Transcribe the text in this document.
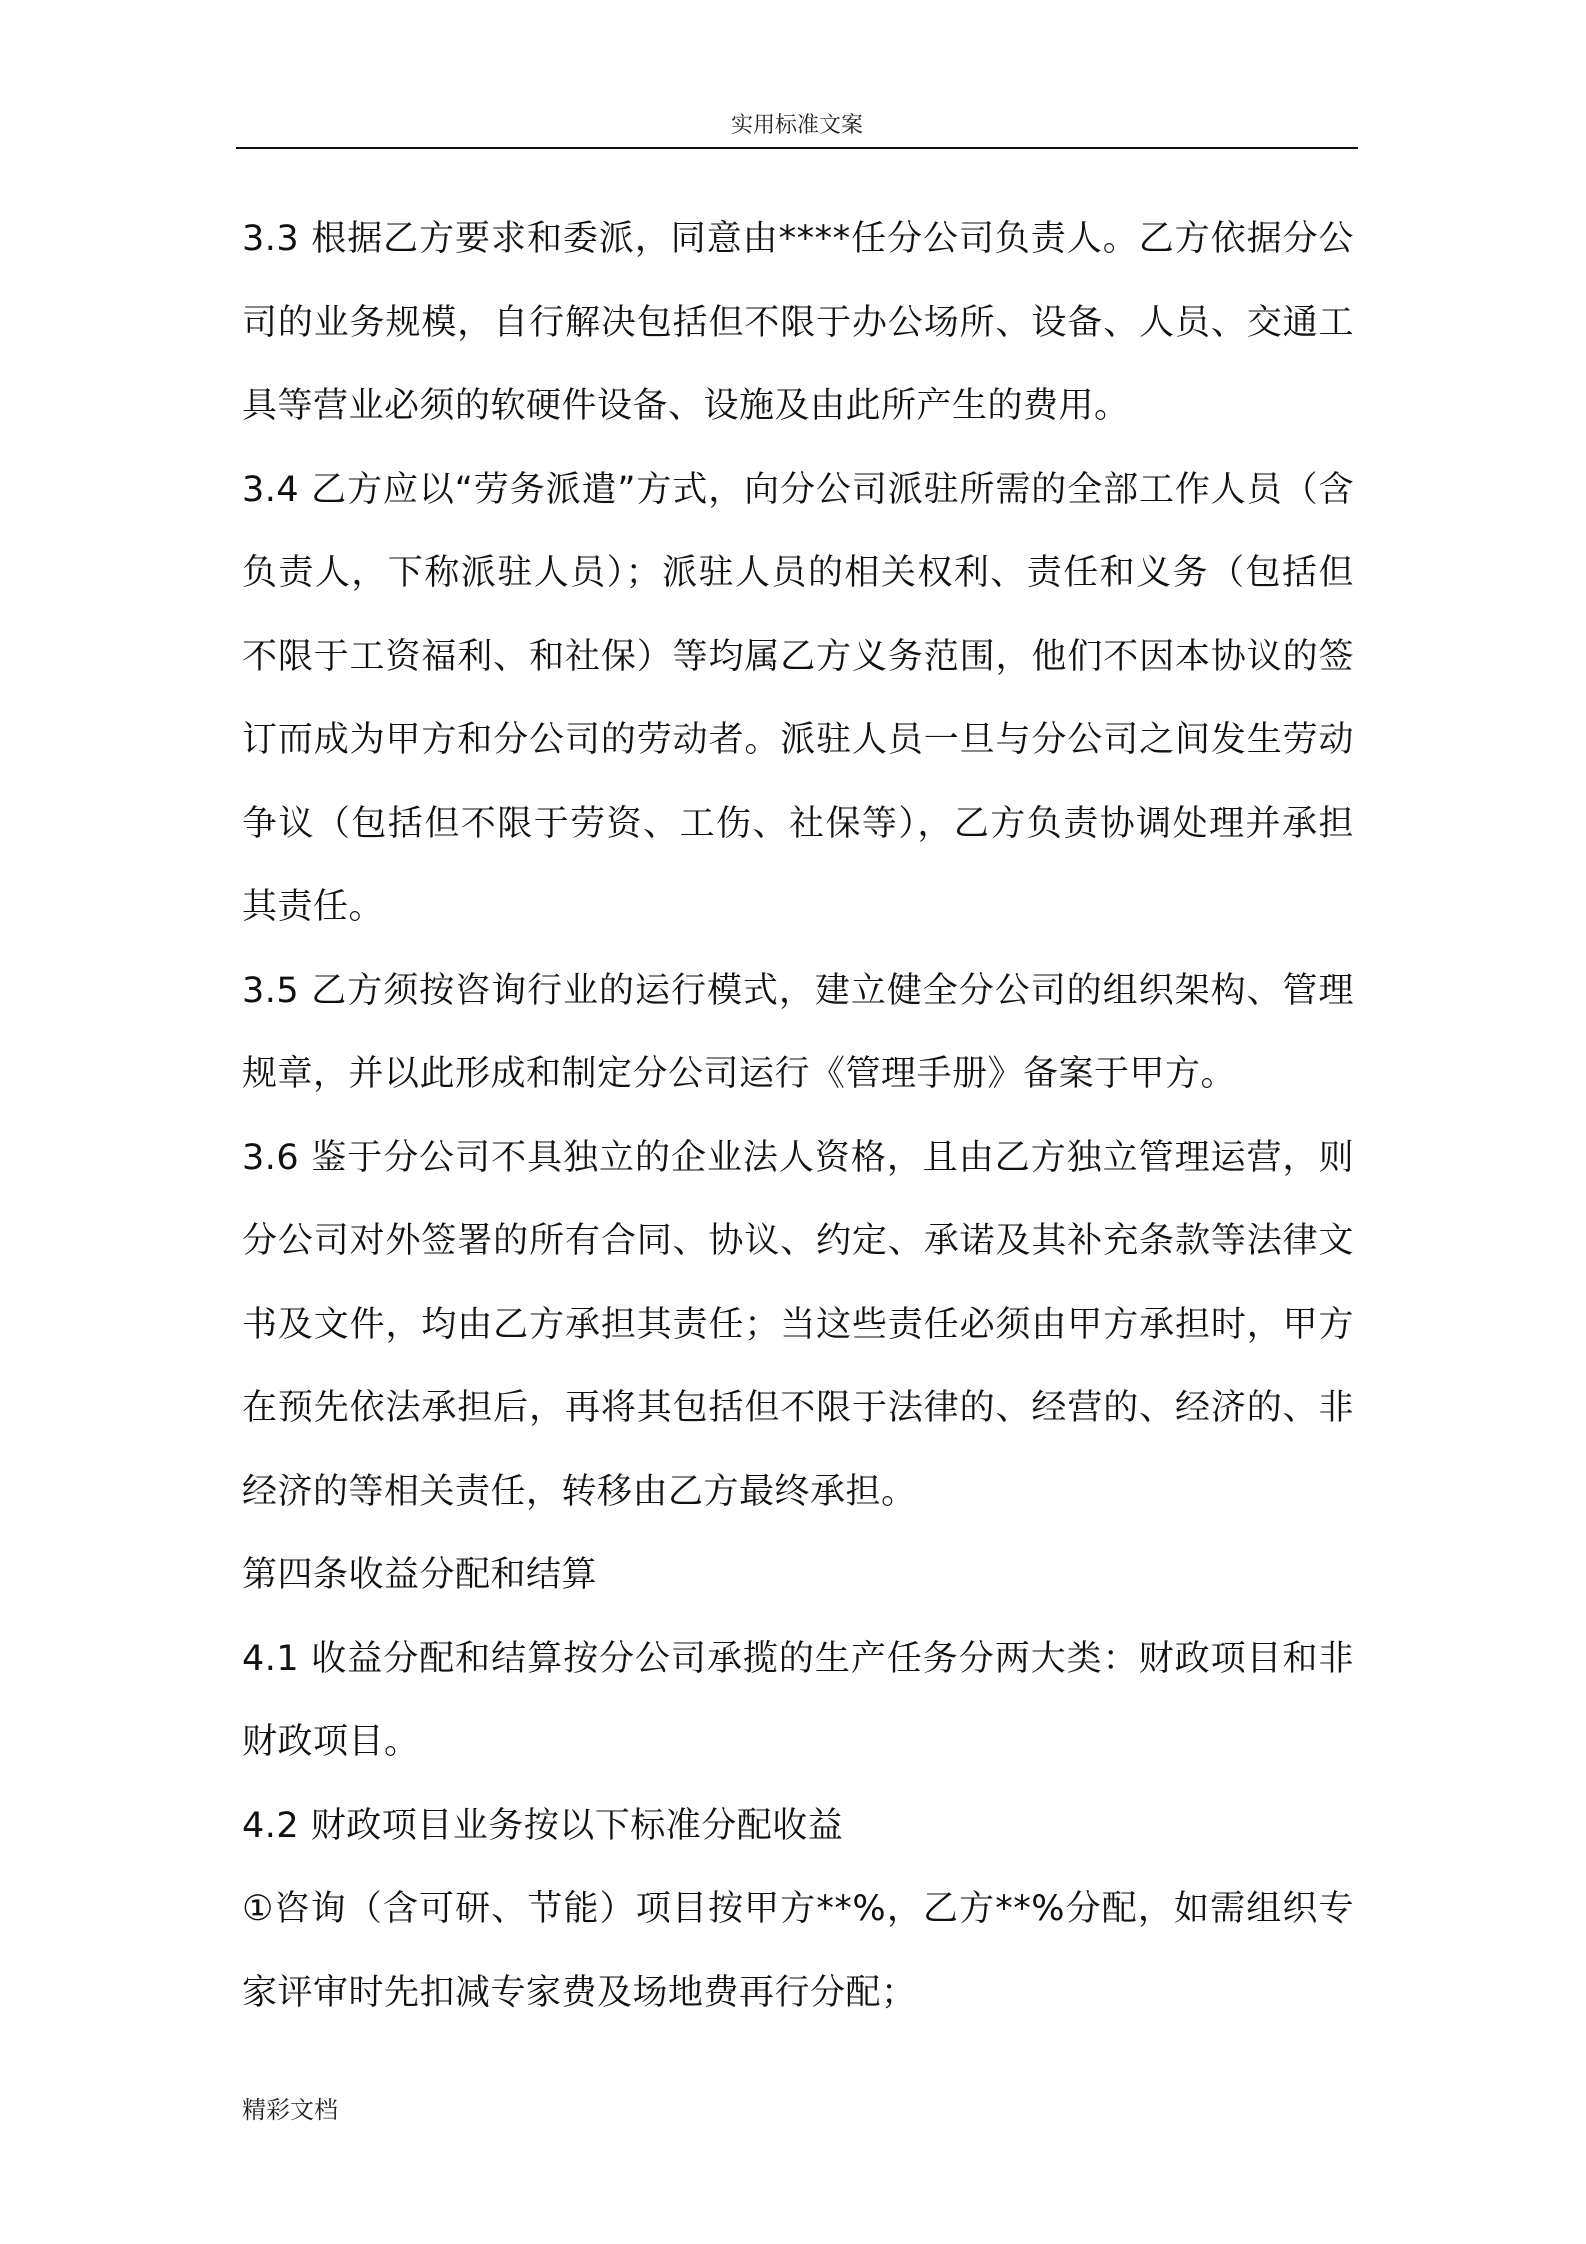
实用标准文案

3.3 根据乙方要求和委派，同意由****任分公司负责人。乙方依据分公司的业务规模，自行解决包括但不限于办公场所、设备、人员、交通工具等营业必须的软硬件设备、设施及由此所产生的费用。

3.4 乙方应以“劳务派遣”方式，向分公司派驻所需的全部工作人员（含负责人，下称派驻人员）；派驻人员的相关权利、责任和义务（包括但不限于工资福利、和社保）等均属乙方义务范围，他们不因本协议的签订而成为甲方和分公司的劳动者。派驻人员一旦与分公司之间发生劳动争议（包括但不限于劳资、工伤、社保等），乙方负责协调处理并承担其责任。

3.5 乙方须按咨询行业的运行模式，建立健全分公司的组织架构、管理规章，并以此形成和制定分公司运行《管理手册》备案于甲方。

3.6 鉴于分公司不具独立的企业法人资格，且由乙方独立管理运营，则分公司对外签署的所有合同、协议、约定、承诺及其补充条款等法律文书及文件，均由乙方承担其责任；当这些责任必须由甲方承担时，甲方在预先依法承担后，再将其包括但不限于法律的、经营的、经济的、非经济的等相关责任，转移由乙方最终承担。

第四条收益分配和结算

4.1 收益分配和结算按分公司承揽的生产任务分两大类：财政项目和非财政项目。

4.2 财政项目业务按以下标准分配收益

①咨询（含可研、节能）项目按甲方**%，乙方**%分配，如需组织专家评审时先扣减专家费及场地费再行分配；

精彩文档
